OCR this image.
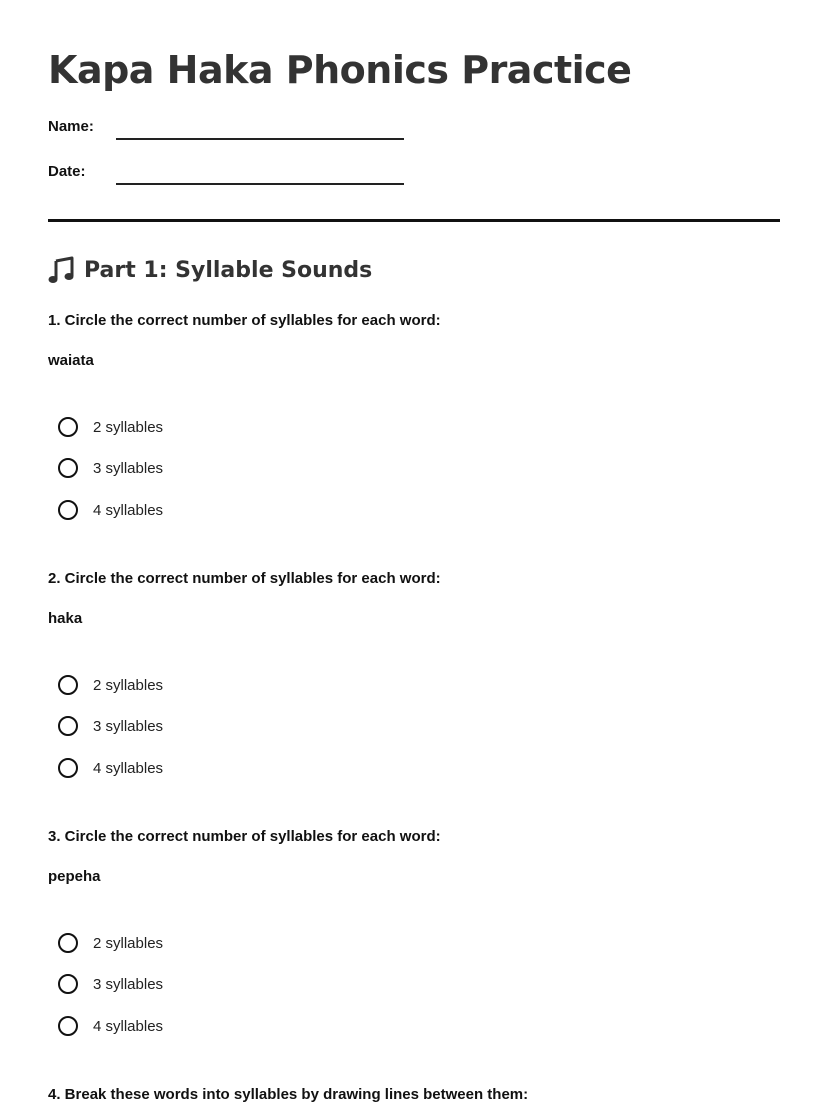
Kapa Haka Phonics Practice
Name:
Date:
Part 1: Syllable Sounds
1. Circle the correct number of syllables for each word:
waiata
2 syllables
3 syllables
4 syllables
2. Circle the correct number of syllables for each word:
haka
2 syllables
3 syllables
4 syllables
3. Circle the correct number of syllables for each word:
pepeha
2 syllables
3 syllables
4 syllables
4. Break these words into syllables by drawing lines between them:
